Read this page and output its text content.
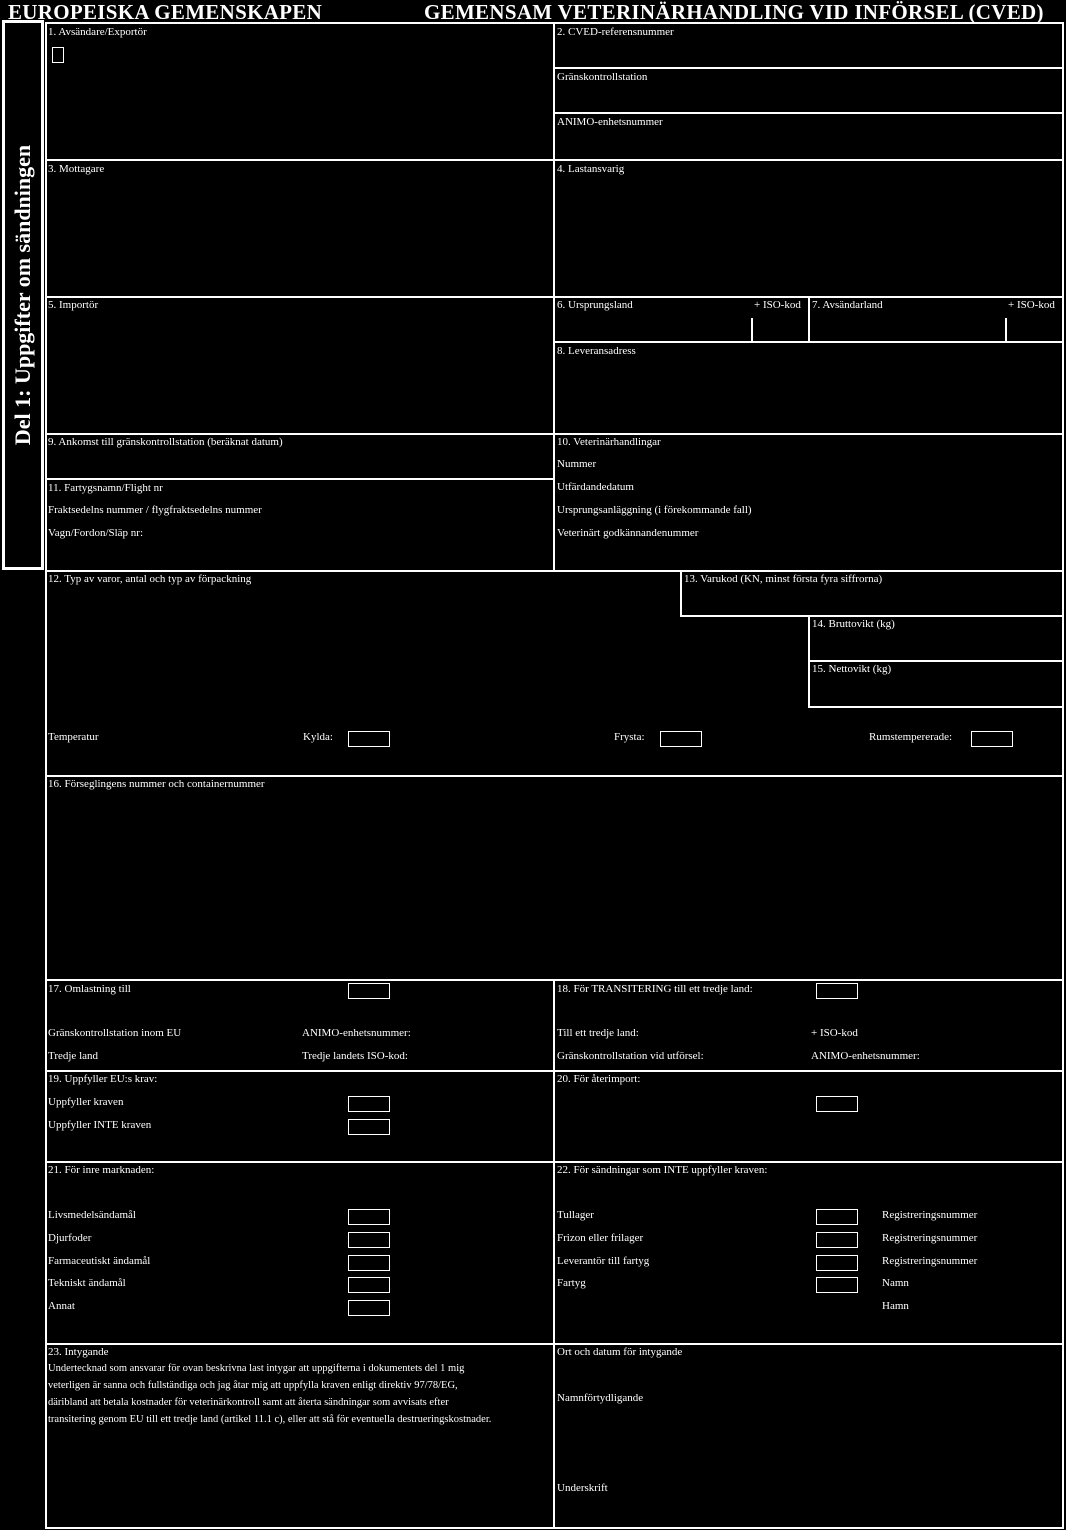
EUROPEISKA GEMENSKAPEN	GEMENSAM VETERINÄRHANDLING VID INFÖRSEL (CVED)
Del 1: Uppgifter om sändningen
1. Avsändare/Exportör	2. CVED-referensnummer
Gränskontrollstation
ANIMO-enhetsnummer
3. Mottagare	4. Lastansvarig
5. Importör	6. Ursprungsland	+ ISO-kod 7. Avsändarland	+ ISO-kod
8. Leveransadress
9. Ankomst till gränskontrollstation (beräknat datum)
11. Fartygsnamn/Flight nr
Fraktsedelns nummer / flygfraktsedelns nummer
Vagn/Fordon/Släp nr:
10. Veterinärhandlingar
Nummer
Utfärdandedatum
Ursprungsanläggning (i förekommande fall)
Veterinärt godkännandenummer
12. Typ av varor, antal och typ av förpackning	13. Varukod (KN, minst första fyra siffrorna)
14. Bruttovikt (kg)
15. Nettovikt (kg)
Temperatur	Kylda:	Frysta:	Rumstempererade:
16. Förseglingens nummer och containernummer
17. Omlastning till
Gränskontrollstation inom EU	ANIMO-enhetsnummer:
Tredje land	Tredje landets ISO-kod:
18. För TRANSITERING till ett tredje land:
Till ett tredje land:	+ ISO-kod
Gränskontrollstation vid utförsel:	ANIMO-enhetsnummer:
19. Uppfyller EU:s krav:
Uppfyller kraven
Uppfyller INTE kraven
20. För återimport:
21. För inre marknaden:
Livsmedelsändamål
Djurfoder
Farmaceutiskt ändamål
Tekniskt ändamål
Annat
22. För sändningar som INTE uppfyller kraven:
Tullager	Registreringsnummer
Frizon eller frilager	Registreringsnummer
Leverantör till fartyg	Registreringsnummer
Fartyg	Namn
Hamn
23. Intygande
Undertecknad som ansvarar för ovan beskrivna last intygar att uppgifterna i dokumentets del 1 mig
veterligen är sanna och fullständiga och jag åtar mig att uppfylla kraven enligt direktiv 97/78/EG,
däribland att betala kostnader för veterinärkontroll samt att återta sändningar som avvisats efter
transitering genom EU till ett tredje land (artikel 11.1 c), eller att stå för eventuella destrueringskostnader.
Ort och datum för intygande
Namnförtydligande
Underskrift
